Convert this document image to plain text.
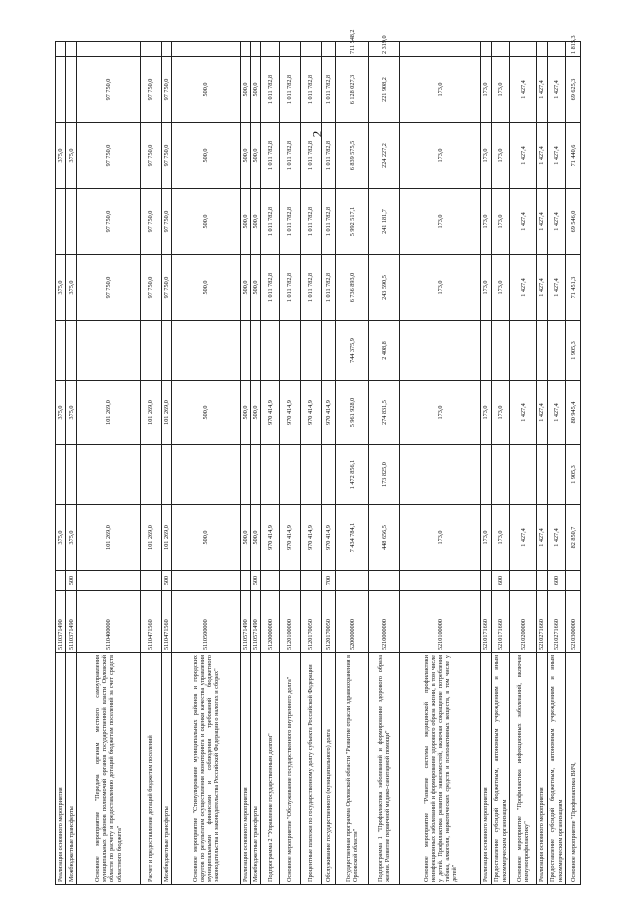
2
Реализация основного мероприятия	5110371490		375,0		375,0		375,0		375,0		
Межбюджетные трансферты	5110371490	500	375,0		375,0		375,0		375,0		
Основное мероприятие "Передача органам местного самоуправления муниципальных районов полномочий органов государственной власти Орловской области по расчету и предоставлению дотаций бюджетам поселений за счет средств областного бюджета"	5110400000		101 269,0		101 269,0		97 750,0	97 750,0	97 750,0	97 750,0	
Расчет и предоставление дотаций бюджетам поселений	5110471560		101 269,0		101 269,0		97 750,0	97 750,0	97 750,0	97 750,0	
Межбюджетные трансферты	5110471560	500	101 269,0		101 269,0		97 750,0	97 750,0	97 750,0	97 750,0	
Основное мероприятие "Стимулирование муниципальных районов и городских округов по результатам осуществления мониторинга и оценки качества управления муниципальными финансами и соблюдения требований бюджетного законодательства и законодательства Российской Федерации о налогах и сборах"	5110500000		500,0		500,0		500,0	500,0	500,0	500,0	
Реализация основного мероприятия	5110571490		500,0		500,0		500,0	500,0	500,0	500,0	
Межбюджетные трансферты	5110571490	500	500,0		500,0		500,0	500,0	500,0	500,0	
Подпрограмма 2 "Управление государственным долгом"	5120000000		970 414,9		970 414,9		1 011 782,8	1 011 782,8	1 011 782,8	1 011 782,8	
Основное мероприятие "Обслуживание государственного внутреннего долга"	5120100000		970 414,9		970 414,9		1 011 782,8	1 011 782,8	1 011 782,8	1 011 782,8	
Процентные платежи по государственному долгу субъекта Российской Федерации	5120170050		970 414,9		970 414,9		1 011 782,8	1 011 782,8	1 011 782,8	1 011 782,8	
Обслуживание государственного (муниципального) долга	5120170050	700	970 414,9		970 414,9		1 011 782,8	1 011 782,8	1 011 782,8	1 011 782,8	
Государственная программа Орловской области "Развитие отрасли здравоохранения в Орловской области"	5200000000		7 434 784,1	1 472 856,1	5 961 928,0	744 375,9	6 736 893,0	5 992 517,1	6 839 575,5	6 128 027,3	711 548,2
Подпрограмма 1 "Профилактика заболеваний и формирование здорового образа жизни. Развитие первичной медико-санитарной помощи"	5210000000		448 656,5	173 825,0	274 831,5	2 408,8	243 590,5	241 181,7	224 227,2	221 908,2	2 319,0
Основное мероприятие "Развитие системы медицинской профилактики неинфекционных заболеваний и формирование здорового образа жизни, в том числе у детей. Профилактика развития зависимостей, включая сокращение потребления табака, алкоголя, наркотических средств и психоактивных веществ, в том числе у детей"	5210100000		173,0		173,0		173,0	173,0	173,0	173,0	
Реализация основного мероприятия	5210171660		173,0		173,0		173,0	173,0	173,0	173,0	
Предоставление субсидий бюджетным, автономным учреждениям и иным некоммерческим организациям	5210171660	600	173,0		173,0		173,0	173,0	173,0	173,0	
Основное мероприятие "Профилактика инфекционных заболеваний, включая иммунопрофилактику"	5210200000		1 427,4		1 427,4		1 427,4	1 427,4	1 427,4	1 427,4	
Реализация основного мероприятия	5210271660		1 427,4		1 427,4		1 427,4	1 427,4	1 427,4	1 427,4	
Предоставление субсидий бюджетным, автономным учреждениям и иным некоммерческим организациям	5210271660	600	1 427,4		1 427,4		1 427,4	1 427,4	1 427,4	1 427,4	
Основное мероприятие "Профилактика ВИЧ,	5210300000		82 850,7	1 905,3	80 945,4	1 905,3	71 451,3	69 546,0	71 440,6	69 625,3	1 815,3
